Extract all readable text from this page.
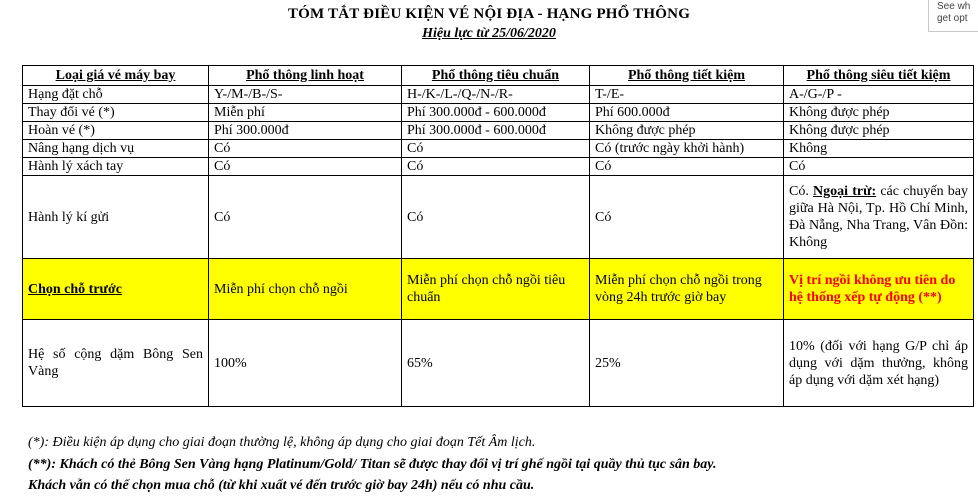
TÓM TẮT ĐIỀU KIỆN VÉ NỘI ĐỊA - HẠNG PHỔ THÔNG
Hiệu lực từ 25/06/2020
See wh
get opt
Loại giá vé máy bay	Phổ thông linh hoạt	Phổ thông tiêu chuẩn	Phổ thông tiết kiệm	Phổ thông siêu tiết kiệm
Hạng đặt chỗ	Y-/M-/B-/S-	H-/K-/L-/Q-/N-/R-	T-/E-	A-/G-/P -
Thay đổi vé (*)	Miễn phí	Phí 300.000đ - 600.000đ	Phí 600.000đ	Không được phép
Hoàn vé (*)	Phí 300.000đ	Phí 300.000đ - 600.000đ	Không được phép	Không được phép
Nâng hạng dịch vụ	Có	Có	Có (trước ngày khởi hành)	Không
Hành lý xách tay	Có	Có	Có	Có
Hành lý kí gửi	Có	Có	Có	Có. Ngoại trừ: các chuyến bay giữa Hà Nội, Tp. Hồ Chí Minh, Đà Nẵng, Nha Trang, Vân Đồn: Không
Chọn chỗ trước	Miễn phí chọn chỗ ngồi	Miễn phí chọn chỗ ngồi tiêu chuẩn	Miễn phí chọn chỗ ngồi trong vòng 24h trước giờ bay	Vị trí ngồi không ưu tiên do hệ thống xếp tự động (**)
Hệ số cộng dặm Bông Sen Vàng	100%	65%	25%	10% (đối với hạng G/P chỉ áp dụng với dặm thưởng, không áp dụng với dặm xét hạng)
(*): Điều kiện áp dụng cho giai đoạn thường lệ, không áp dụng cho giai đoạn Tết Âm lịch.
(**): Khách có thẻ Bông Sen Vàng hạng Platinum/Gold/ Titan sẽ được thay đổi vị trí ghế ngồi tại quầy thủ tục sân bay.
Khách vẫn có thể chọn mua chỗ (từ khi xuất vé đến trước giờ bay 24h) nếu có nhu cầu.
